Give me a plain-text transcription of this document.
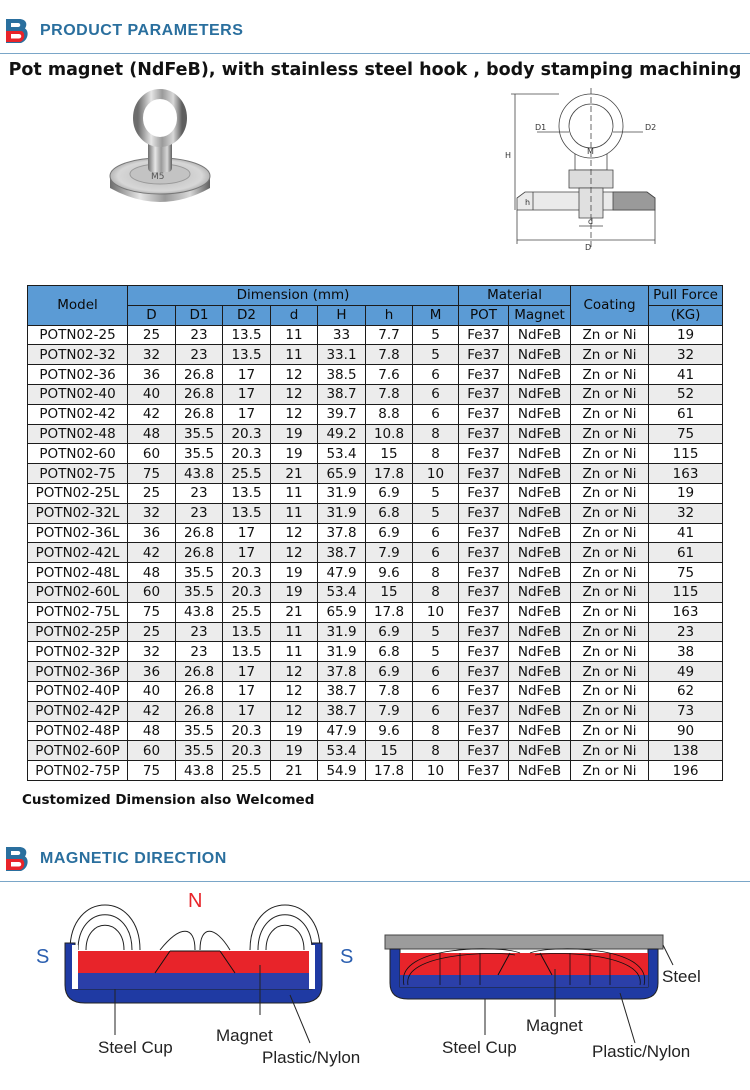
PRODUCT PARAMETERS
Pot magnet (NdFeB), with stainless steel hook , body stamping machining
M5
D1	D2
H	M
h
d
D
Model	Dimension (mm)							Material		Coating	Pull Force
	D	D1	D2	d	H	h	M	POT	Magnet		(KG)
POTN02-25	25	23	13.5	11	33	7.7	5	Fe37	NdFeB	Zn or Ni	19
POTN02-32	32	23	13.5	11	33.1	7.8	5	Fe37	NdFeB	Zn or Ni	32
POTN02-36	36	26.8	17	12	38.5	7.6	6	Fe37	NdFeB	Zn or Ni	41
POTN02-40	40	26.8	17	12	38.7	7.8	6	Fe37	NdFeB	Zn or Ni	52
POTN02-42	42	26.8	17	12	39.7	8.8	6	Fe37	NdFeB	Zn or Ni	61
POTN02-48	48	35.5	20.3	19	49.2	10.8	8	Fe37	NdFeB	Zn or Ni	75
POTN02-60	60	35.5	20.3	19	53.4	15	8	Fe37	NdFeB	Zn or Ni	115
POTN02-75	75	43.8	25.5	21	65.9	17.8	10	Fe37	NdFeB	Zn or Ni	163
POTN02-25L	25	23	13.5	11	31.9	6.9	5	Fe37	NdFeB	Zn or Ni	19
POTN02-32L	32	23	13.5	11	31.9	6.8	5	Fe37	NdFeB	Zn or Ni	32
POTN02-36L	36	26.8	17	12	37.8	6.9	6	Fe37	NdFeB	Zn or Ni	41
POTN02-42L	42	26.8	17	12	38.7	7.9	6	Fe37	NdFeB	Zn or Ni	61
POTN02-48L	48	35.5	20.3	19	47.9	9.6	8	Fe37	NdFeB	Zn or Ni	75
POTN02-60L	60	35.5	20.3	19	53.4	15	8	Fe37	NdFeB	Zn or Ni	115
POTN02-75L	75	43.8	25.5	21	65.9	17.8	10	Fe37	NdFeB	Zn or Ni	163
POTN02-25P	25	23	13.5	11	31.9	6.9	5	Fe37	NdFeB	Zn or Ni	23
POTN02-32P	32	23	13.5	11	31.9	6.8	5	Fe37	NdFeB	Zn or Ni	38
POTN02-36P	36	26.8	17	12	37.8	6.9	6	Fe37	NdFeB	Zn or Ni	49
POTN02-40P	40	26.8	17	12	38.7	7.8	6	Fe37	NdFeB	Zn or Ni	62
POTN02-42P	42	26.8	17	12	38.7	7.9	6	Fe37	NdFeB	Zn or Ni	73
POTN02-48P	48	35.5	20.3	19	47.9	9.6	8	Fe37	NdFeB	Zn or Ni	90
POTN02-60P	60	35.5	20.3	19	53.4	15	8	Fe37	NdFeB	Zn or Ni	138
POTN02-75P	75	43.8	25.5	21	54.9	17.8	10	Fe37	NdFeB	Zn or Ni	196
Customized Dimension also Welcomed
MAGNETIC DIRECTION
N
S	S
Steel Cup
Magnet
Plastic/Nylon
Steel
Steel Cup
Magnet
Plastic/Nylon
